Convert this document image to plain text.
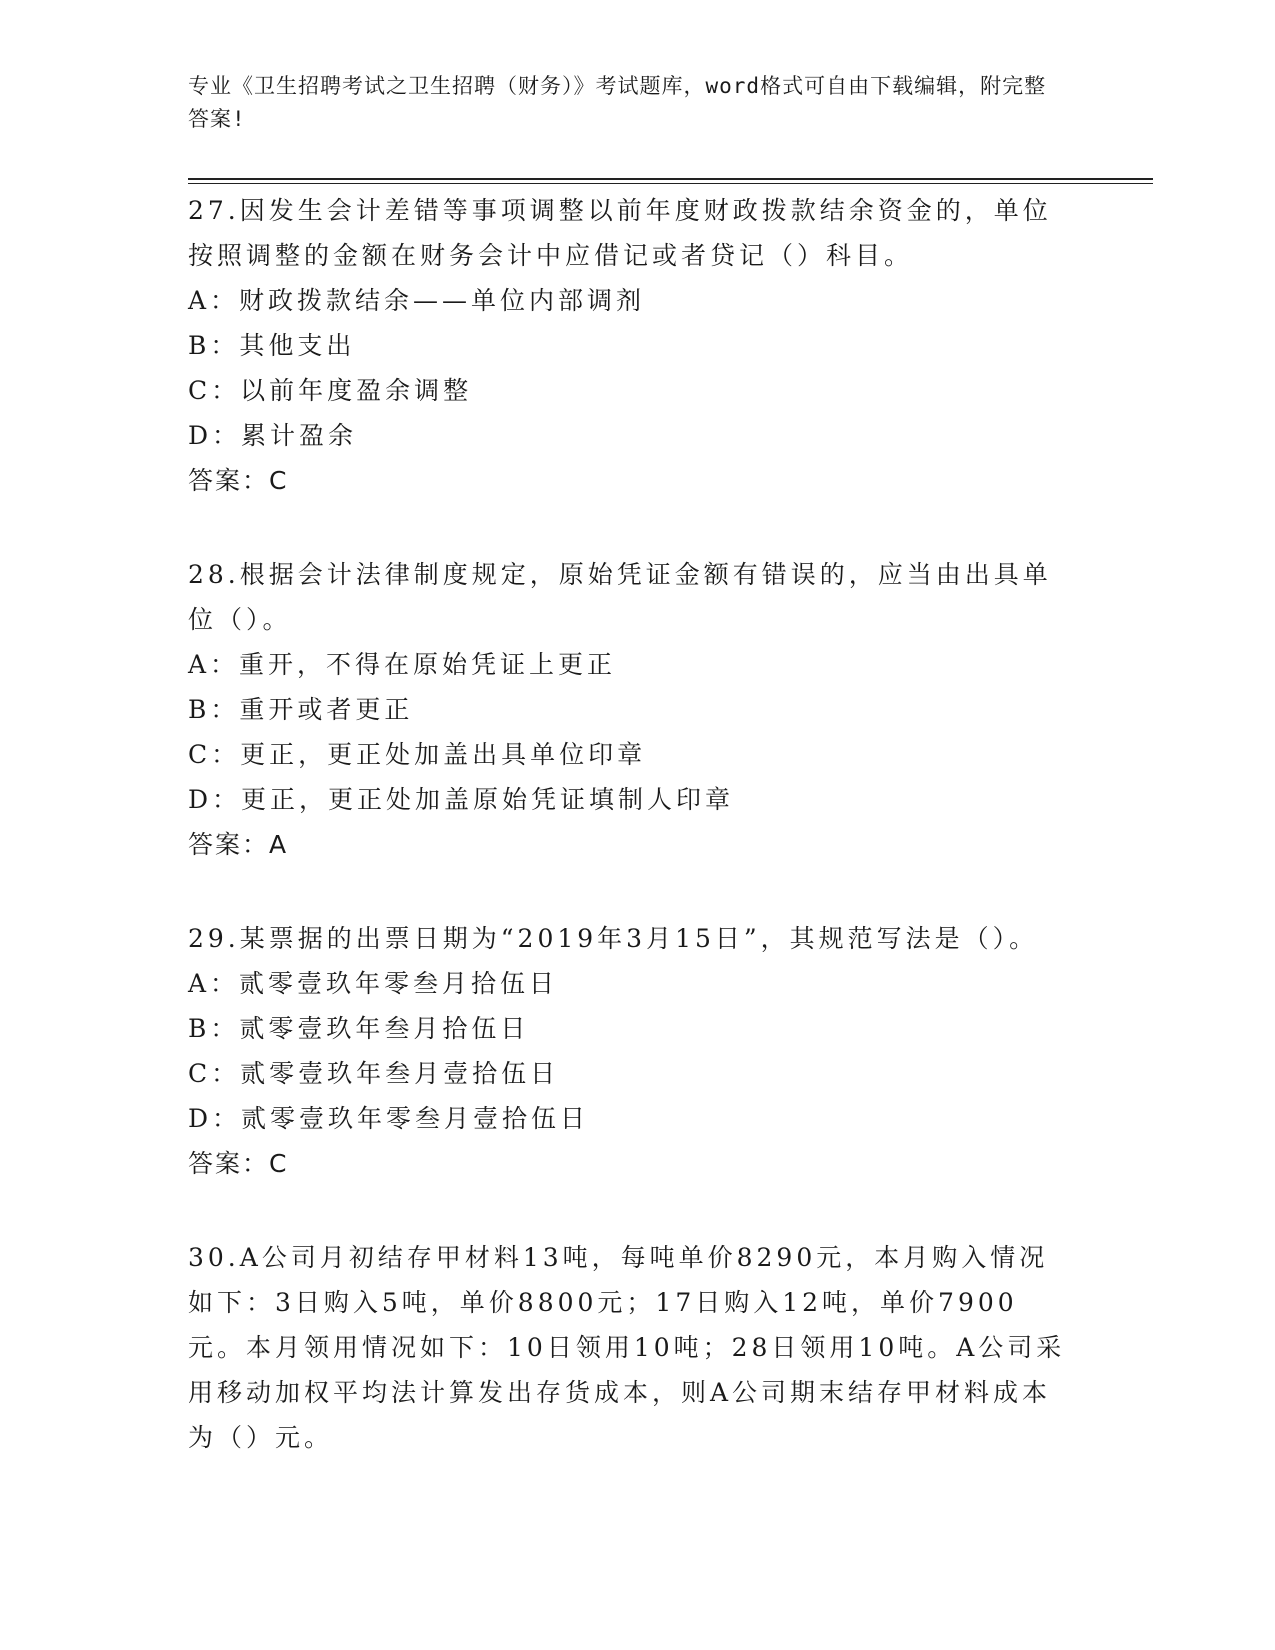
专业《卫生招聘考试之卫生招聘（财务）》考试题库，word格式可自由下载编辑，附完整答案!
27.因发生会计差错等事项调整以前年度财政拨款结余资金的，单位按照调整的金额在财务会计中应借记或者贷记（）科目。
A：财政拨款结余——单位内部调剂
B：其他支出
C：以前年度盈余调整
D：累计盈余
答案：C
28.根据会计法律制度规定，原始凭证金额有错误的，应当由出具单位（）。
A：重开，不得在原始凭证上更正
B：重开或者更正
C：更正，更正处加盖出具单位印章
D：更正，更正处加盖原始凭证填制人印章
答案：A
29.某票据的出票日期为“2019年3月15日”，其规范写法是（）。
A：贰零壹玖年零叁月拾伍日
B：贰零壹玖年叁月拾伍日
C：贰零壹玖年叁月壹拾伍日
D：贰零壹玖年零叁月壹拾伍日
答案：C
30.A公司月初结存甲材料13吨，每吨单价8290元，本月购入情况如下：3日购入5吨，单价8800元；17日购入12吨，单价7900元。本月领用情况如下：10日领用10吨；28日领用10吨。A公司采用移动加权平均法计算发出存货成本，则A公司期末结存甲材料成本为（）元。
